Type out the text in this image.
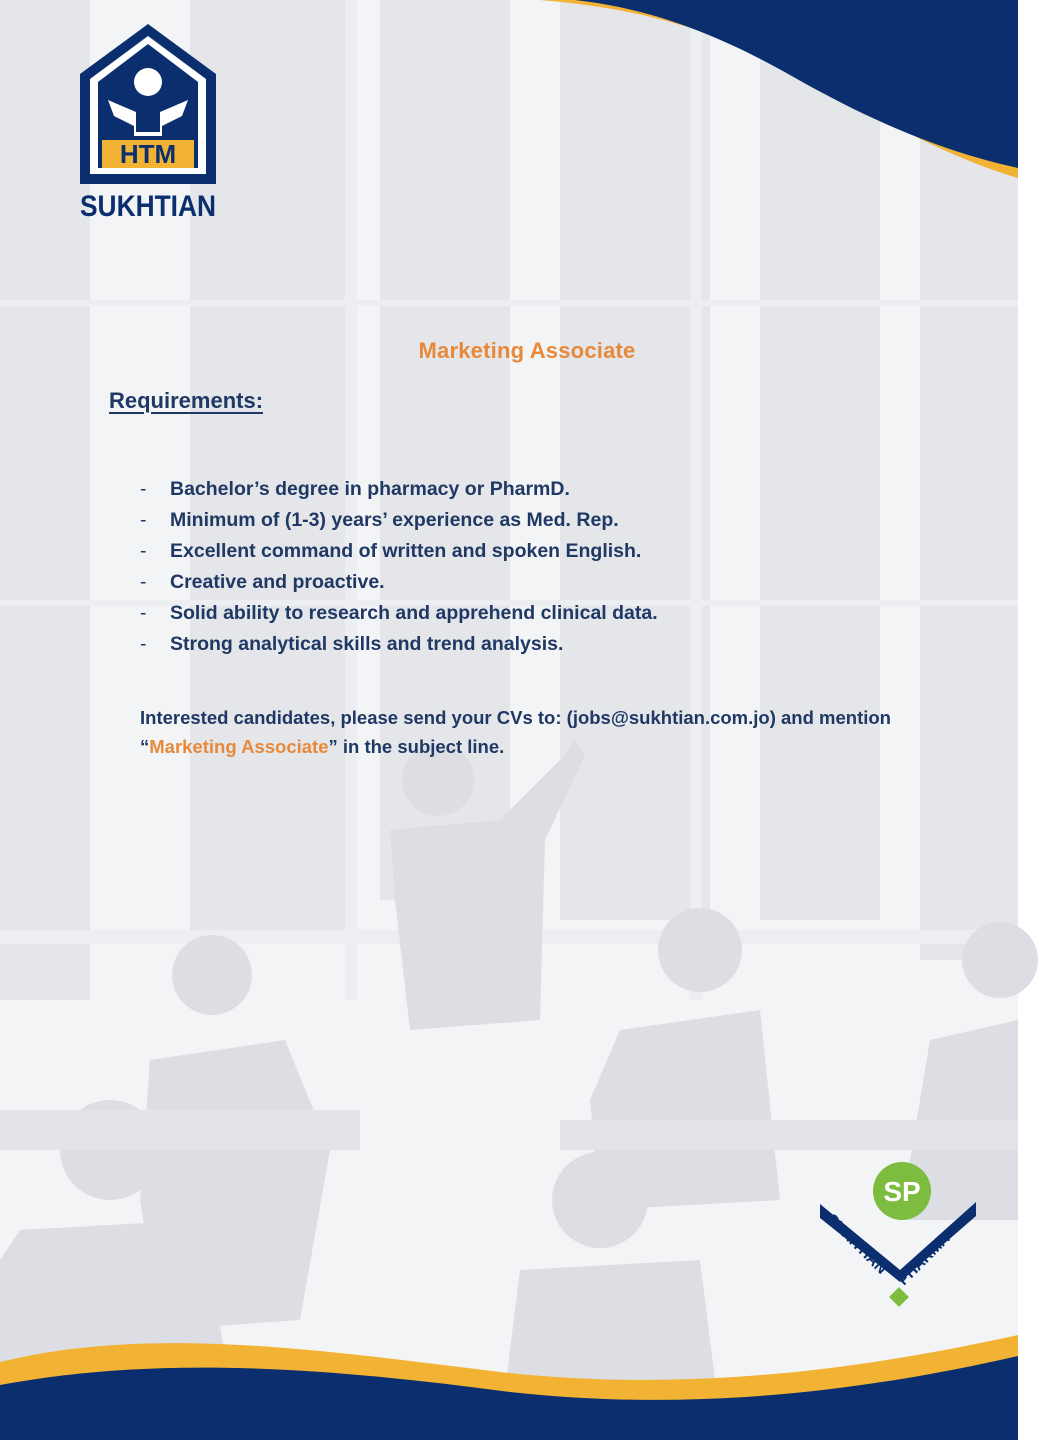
HTM
SUKHTIAN
Marketing Associate
Requirements:
- Bachelor’s degree in pharmacy or PharmD.
- Minimum of (1-3) years’ experience as Med. Rep.
- Excellent command of written and spoken English.
- Creative and proactive.
- Solid ability to research and apprehend clinical data.
- Strong analytical skills and trend analysis.
Interested candidates, please send your CVs to: (jobs@sukhtian.com.jo) and mention
“Marketing Associate” in the subject line.
SP
SUKHTIAN
PHARMA
